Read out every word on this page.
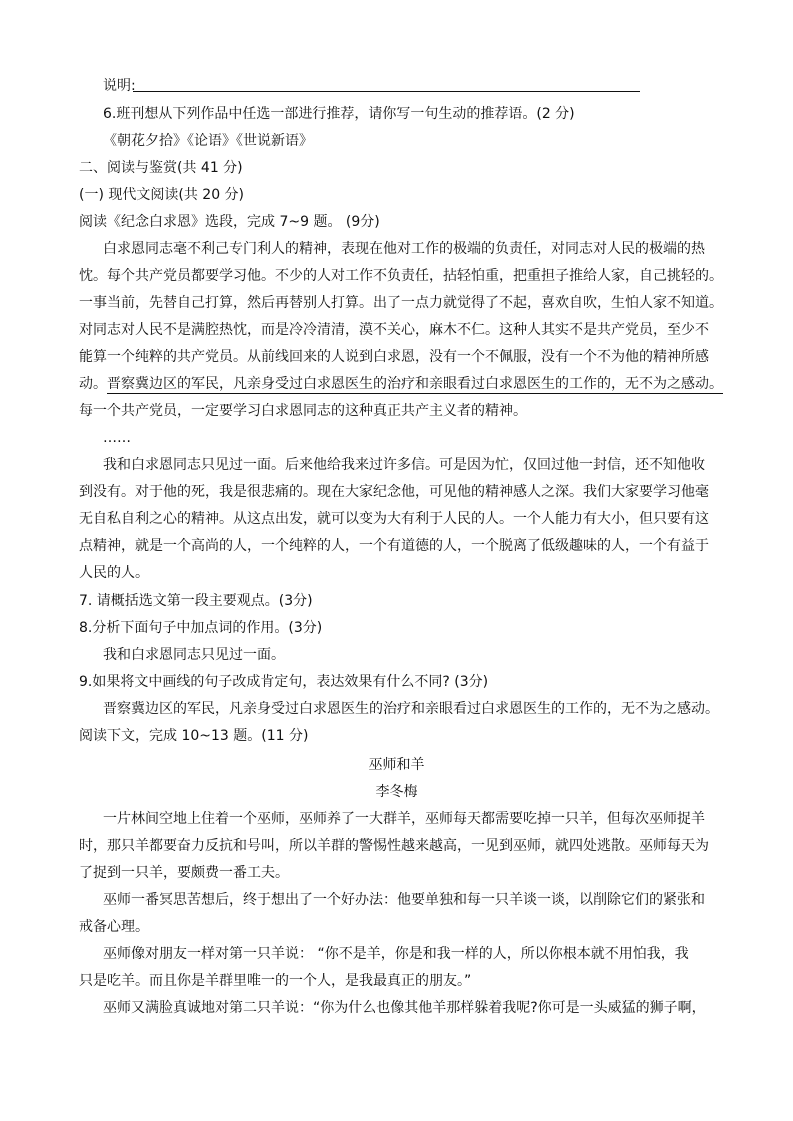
说明:
6.班刊想从下列作品中任选一部进行推荐，请你写一句生动的推荐语。(2 分)
《朝花夕拾》《论语》《世说新语》
二、阅读与鉴赏(共 41 分)
(一) 现代文阅读(共 20 分)
阅读《纪念白求恩》选段，完成 7~9 题。 (9分)
白求恩同志毫不利己专门利人的精神，表现在他对工作的极端的负责任，对同志对人民的极端的热
忱。每个共产党员都要学习他。不少的人对工作不负责任，拈轻怕重，把重担子推给人家，自己挑轻的。
一事当前，先替自己打算，然后再替别人打算。出了一点力就觉得了不起，喜欢自吹，生怕人家不知道。
对同志对人民不是满腔热忱，而是冷冷清清，漠不关心，麻木不仁。这种人其实不是共产党员，至少不
能算一个纯粹的共产党员。从前线回来的人说到白求恩，没有一个不佩服，没有一个不为他的精神所感
动。晋察冀边区的军民，凡亲身受过白求恩医生的治疗和亲眼看过白求恩医生的工作的，无不为之感动。
每一个共产党员，一定要学习白求恩同志的这种真正共产主义者的精神。
……
我和白求恩同志只见过一面。后来他给我来过许多信。可是因为忙，仅回过他一封信，还不知他收
到没有。对于他的死，我是很悲痛的。现在大家纪念他，可见他的精神感人之深。我们大家要学习他毫
无自私自利之心的精神。从这点出发，就可以变为大有利于人民的人。一个人能力有大小，但只要有这
点精神，就是一个高尚的人，一个纯粹的人，一个有道德的人，一个脱离了低级趣味的人，一个有益于
人民的人。
7. 请概括选文第一段主要观点。(3分)
8.分析下面句子中加点词的作用。(3分)
我和白求恩同志只见过一面。
9.如果将文中画线的句子改成肯定句，表达效果有什么不同? (3分)
晋察冀边区的军民，凡亲身受过白求恩医生的治疗和亲眼看过白求恩医生的工作的，无不为之感动。
阅读下文，完成 10~13 题。(11 分)
巫师和羊
李冬梅
一片林间空地上住着一个巫师，巫师养了一大群羊，巫师每天都需要吃掉一只羊，但每次巫师捉羊
时，那只羊都要奋力反抗和号叫，所以羊群的警惕性越来越高，一见到巫师，就四处逃散。巫师每天为
了捉到一只羊，要颇费一番工夫。
巫师一番冥思苦想后，终于想出了一个好办法：他要单独和每一只羊谈一谈，以削除它们的紧张和
戒备心理。
巫师像对朋友一样对第一只羊说： “你不是羊，你是和我一样的人，所以你根本就不用怕我，我
只是吃羊。而且你是羊群里唯一的一个人，是我最真正的朋友。”
巫师又满脸真诚地对第二只羊说：“你为什么也像其他羊那样躲着我呢?你可是一头威猛的狮子啊，
